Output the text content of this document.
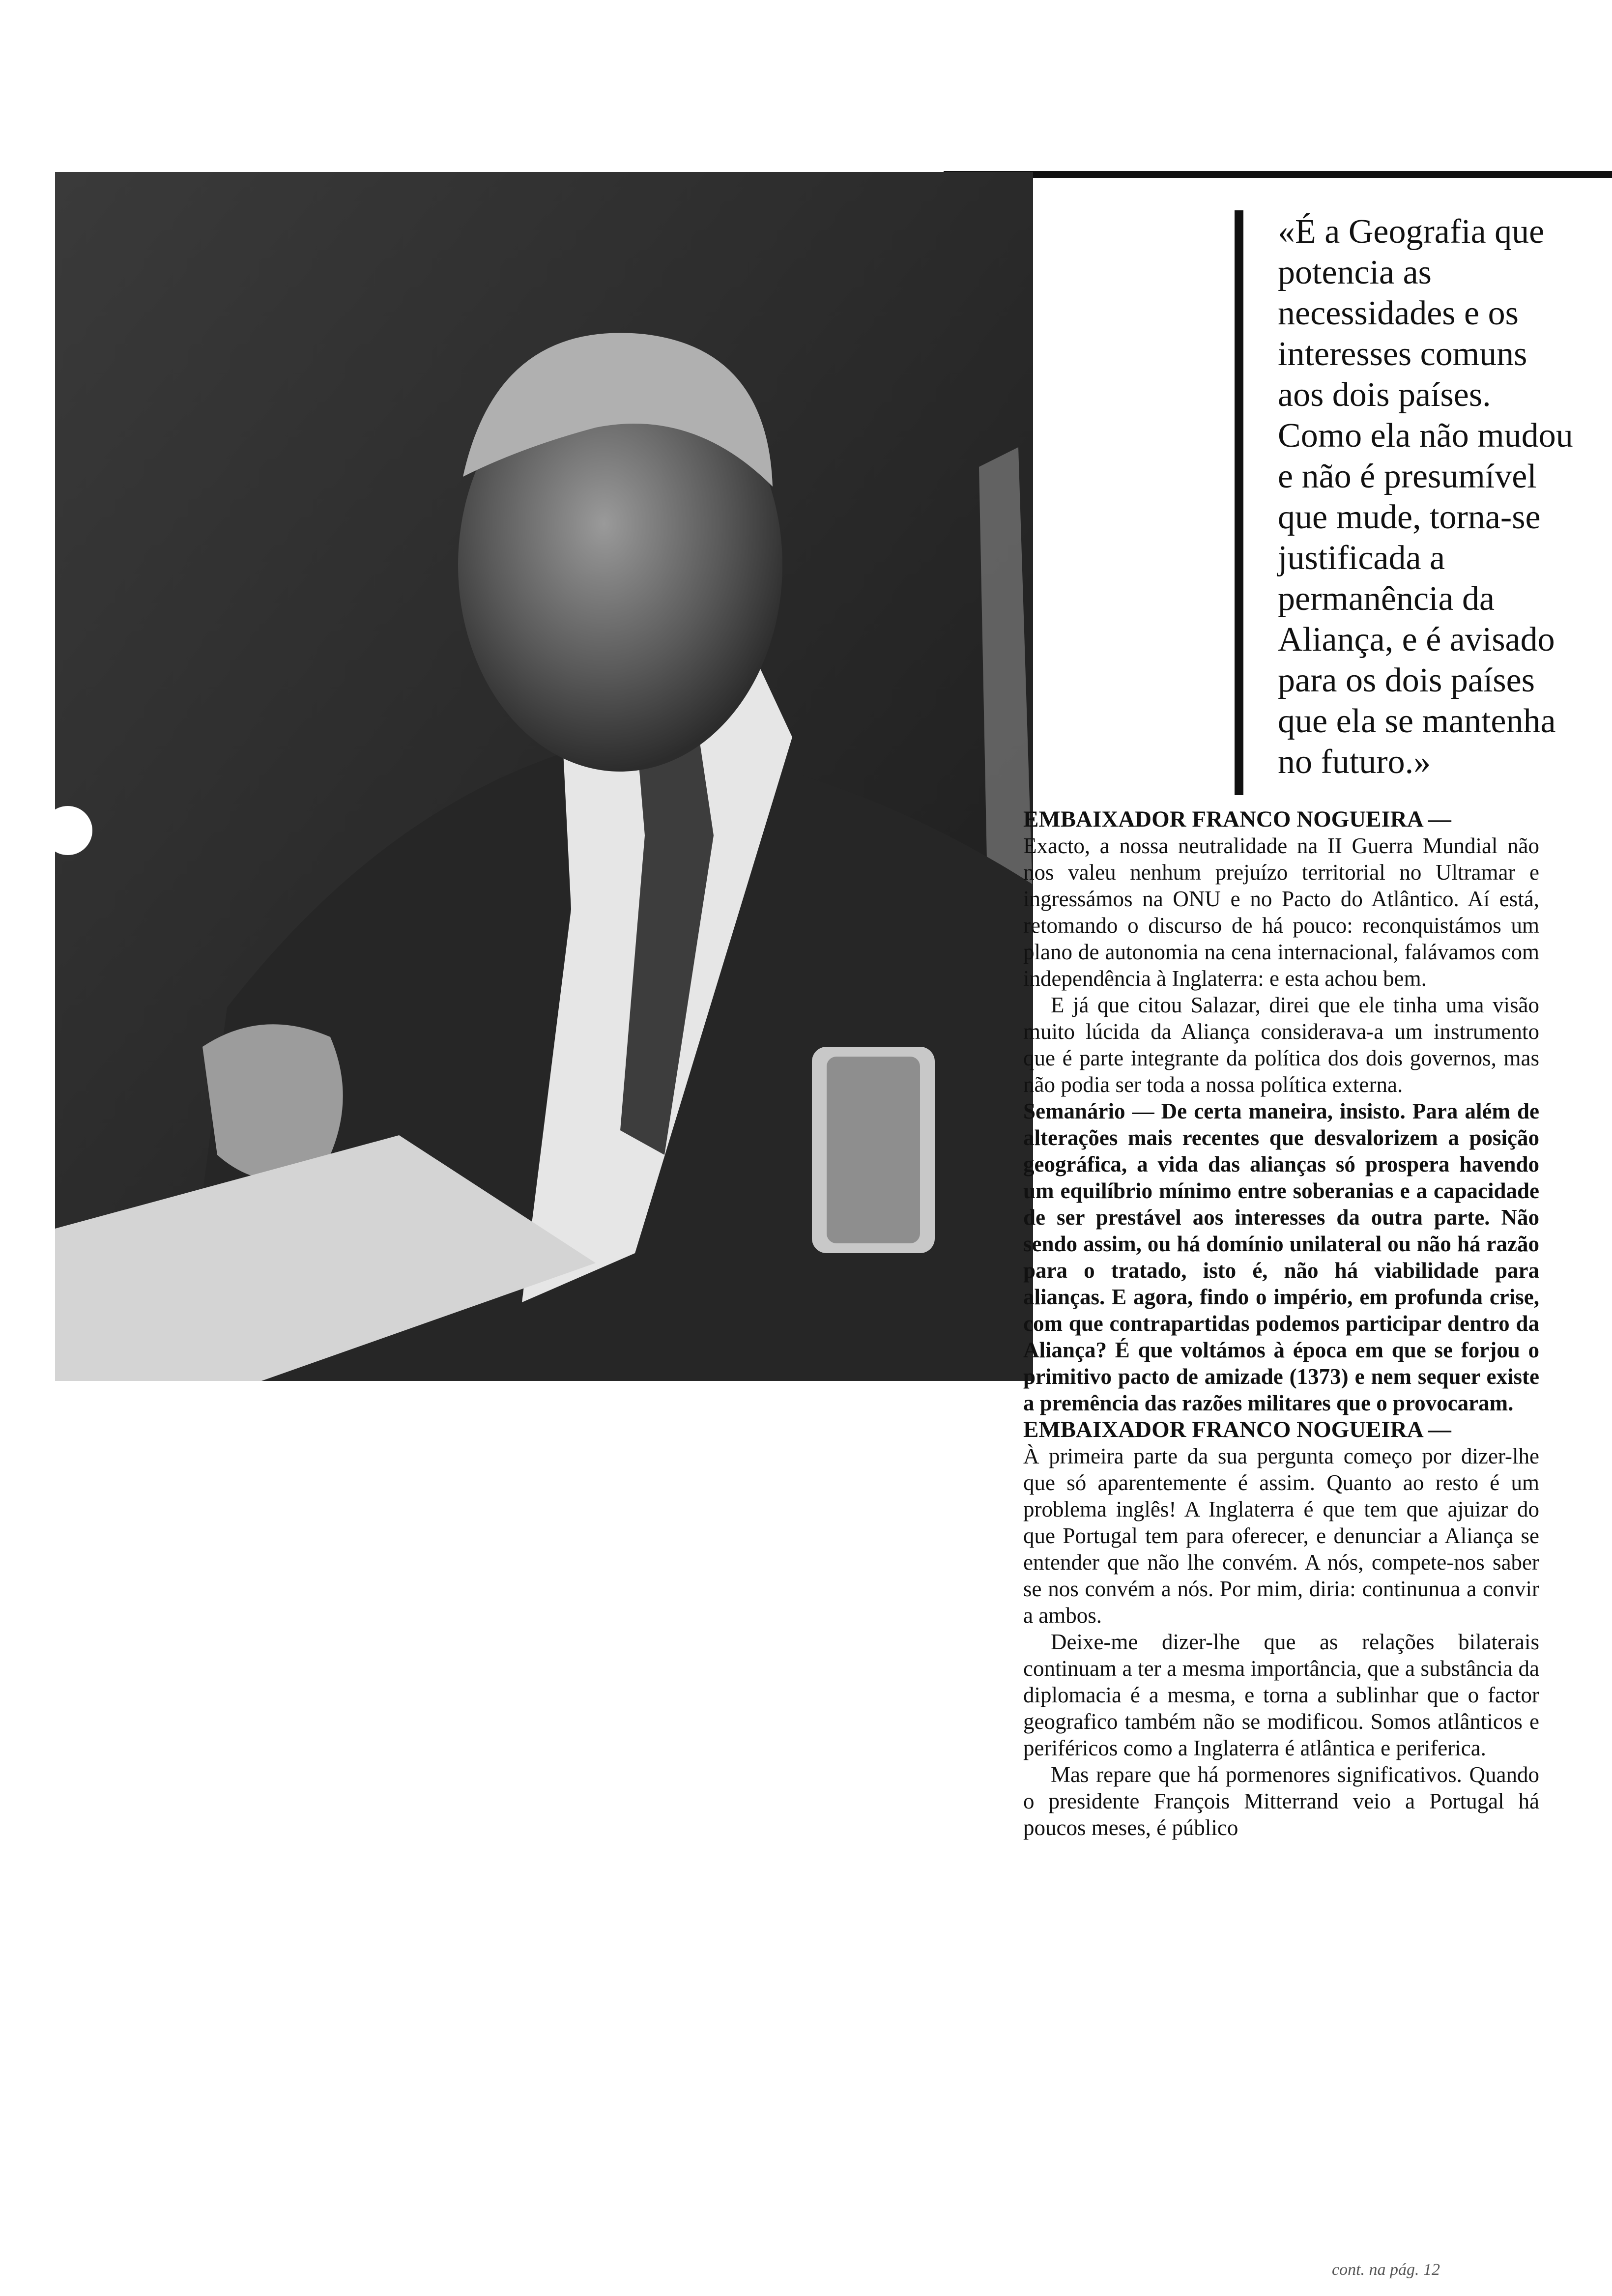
«É a Geografia que
potencia as
necessidades e os
interesses comuns
aos dois países.
Como ela não mudou
e não é presumível
que mude, torna-se
justificada a
permanência da
Aliança, e é avisado
para os dois países
que ela se mantenha
no futuro.»

EMBAIXADOR FRANCO NOGUEIRA —

Exacto, a nossa neutralidade na II Guerra Mundial não nos valeu nenhum prejuízo territorial no Ultramar e ingressámos na ONU e no Pacto do Atlântico. Aí está, retomando o discurso de há pouco: reconquistámos um plano de autonomia na cena internacional, falávamos com independência à Inglaterra: e esta achou bem.

E já que citou Salazar, direi que ele tinha uma visão muito lúcida da Aliança considerava-a um instrumento que é parte integrante da política dos dois governos, mas não podia ser toda a nossa política externa.

Semanário — De certa maneira, insisto. Para além de alterações mais recentes que desvalorizem a posição geográfica, a vida das alianças só prospera havendo um equilíbrio mínimo entre soberanias e a capacidade de ser prestável aos interesses da outra parte. Não sendo assim, ou há domínio unilateral ou não há razão para o tratado, isto é, não há viabilidade para alianças. E agora, findo o império, em profunda crise, com que contrapartidas podemos participar dentro da Aliança? É que voltámos à época em que se forjou o primitivo pacto de amizade (1373) e nem sequer existe a premência das razões militares que o provocaram.

EMBAIXADOR FRANCO NOGUEIRA —

À primeira parte da sua pergunta começo por dizer-lhe que só aparentemente é assim. Quanto ao resto é um problema inglês! A Inglaterra é que tem que ajuizar do que Portugal tem para oferecer, e denunciar a Aliança se entender que não lhe convém. A nós, compete-nos saber se nos convém a nós. Por mim, diria: continunua a convir a ambos.

Deixe-me dizer-lhe que as relações bilaterais continuam a ter a mesma importância, que a substância da diplomacia é a mesma, e torna a sublinhar que o factor geografico também não se modificou. Somos atlânticos e periféricos como a Inglaterra é atlântica e periferica.

Mas repare que há pormenores significativos. Quando o presidente François Mitterrand veio a Portugal há poucos meses, é público

cont. na pág. 12
